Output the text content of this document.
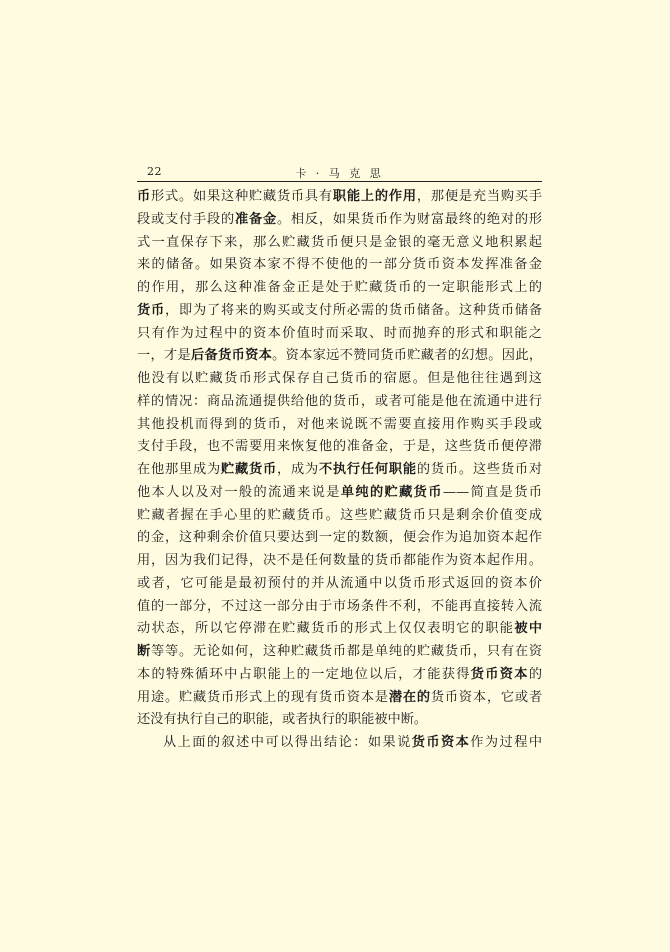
22	卡 · 马 克 思
币形式。如果这种贮藏货币具有职能上的作用，那便是充当购买手
段或支付手段的准备金。相反，如果货币作为财富最终的绝对的形
式一直保存下来，那么贮藏货币便只是金银的毫无意义地积累起
来的储备。如果资本家不得不使他的一部分货币资本发挥准备金
的作用，那么这种准备金正是处于贮藏货币的一定职能形式上的
货币，即为了将来的购买或支付所必需的货币储备。这种货币储备
只有作为过程中的资本价值时而采取、时而抛弃的形式和职能之
一，才是后备货币资本。资本家远不赞同货币贮藏者的幻想。因此，
他没有以贮藏货币形式保存自己货币的宿愿。但是他往往遇到这
样的情况：商品流通提供给他的货币，或者可能是他在流通中进行
其他投机而得到的货币，对他来说既不需要直接用作购买手段或
支付手段，也不需要用来恢复他的准备金，于是，这些货币便停滞
在他那里成为贮藏货币，成为不执行任何职能的货币。这些货币对
他本人以及对一般的流通来说是单纯的贮藏货币——简直是货币
贮藏者握在手心里的贮藏货币。这些贮藏货币只是剩余价值变成
的金，这种剩余价值只要达到一定的数额，便会作为追加资本起作
用，因为我们记得，决不是任何数量的货币都能作为资本起作用。
或者，它可能是最初预付的并从流通中以货币形式返回的资本价
值的一部分，不过这一部分由于市场条件不利，不能再直接转入流
动状态，所以它停滞在贮藏货币的形式上仅仅表明它的职能被中
断等等。无论如何，这种贮藏货币都是单纯的贮藏货币，只有在资
本的特殊循环中占职能上的一定地位以后，才能获得货币资本的
用途。贮藏货币形式上的现有货币资本是潜在的货币资本，它或者
还没有执行自己的职能，或者执行的职能被中断。
从上面的叙述中可以得出结论：如果说货币资本作为过程中
